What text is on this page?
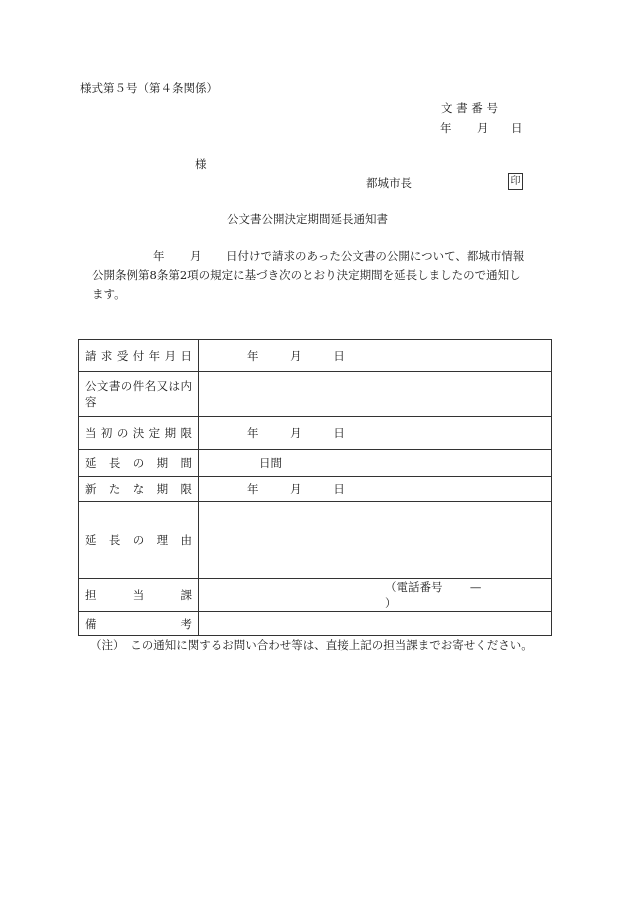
様式第５号（第４条関係）
文 書 番 号
年 月 日
様
都城市長	印
公文書公開決定期間延長通知書
年 月 日付けで請求のあった公文書の公開について、都城市情報
公開条例第8条第2項の規定に基づき次のとおり決定期間を延長しましたので通知し
ます。
請求受付年月日	年 月 日

公文書の件名又は内容	

当初の決定期限	年 月 日

延長の期間	日間

新たな期限	年 月 日

延長の理由	

担当課	（電話番号 —  ）

備考	

（注）　この通知に関するお問い合わせ等は、直接上記の担当課までお寄せください。
